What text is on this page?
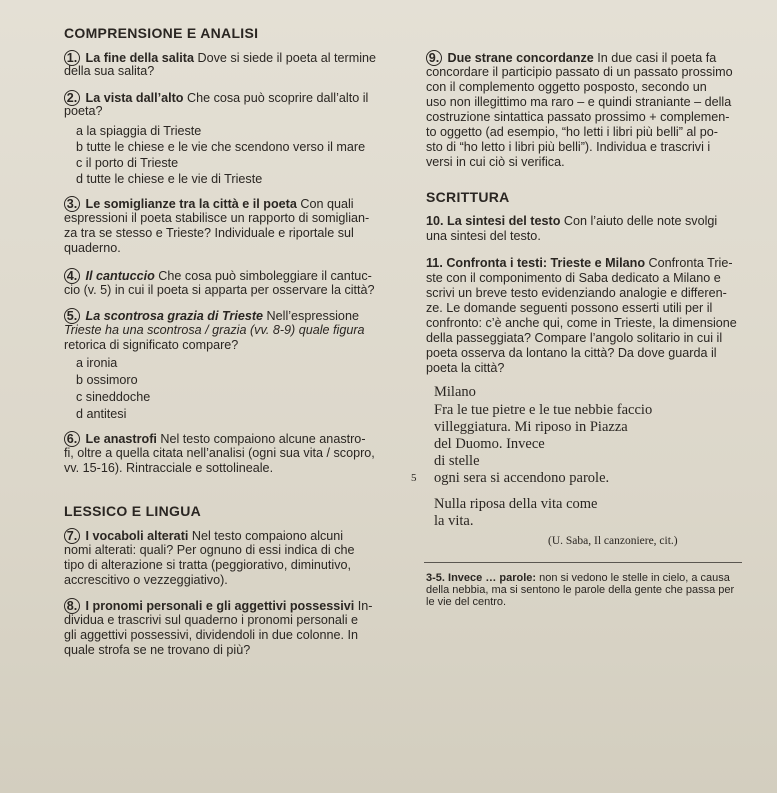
COMPRENSIONE E ANALISI
1. La fine della salita Dove si siede il poeta al termine
della sua salita?
2. La vista dall’alto Che cosa può scoprire dall’alto il
poeta?
a la spiaggia di Trieste
b tutte le chiese e le vie che scendono verso il mare
c il porto di Trieste
d tutte le chiese e le vie di Trieste
3. Le somiglianze tra la città e il poeta Con quali
espressioni il poeta stabilisce un rapporto di somiglian-
za tra se stesso e Trieste? Individuale e riportale sul
quaderno.
4. Il cantuccio Che cosa può simboleggiare il cantuc-
cio (v. 5) in cui il poeta si apparta per osservare la città?
5. La scontrosa grazia di Trieste Nell’espressione
Trieste ha una scontrosa / grazia (vv. 8-9) quale figura
retorica di significato compare?
a ironia
b ossimoro
c sineddoche
d antitesi
6. Le anastrofi Nel testo compaiono alcune anastro-
fi, oltre a quella citata nell’analisi (ogni sua vita / scopro,
vv. 15-16). Rintracciale e sottolineale.
LESSICO E LINGUA
7. I vocaboli alterati Nel testo compaiono alcuni
nomi alterati: quali? Per ognuno di essi indica di che
tipo di alterazione si tratta (peggiorativo, diminutivo,
accrescitivo o vezzeggiativo).
8. I pronomi personali e gli aggettivi possessivi In-
dividua e trascrivi sul quaderno i pronomi personali e
gli aggettivi possessivi, dividendoli in due colonne. In
quale strofa se ne trovano di più?
9. Due strane concordanze In due casi il poeta fa
concordare il participio passato di un passato prossimo
con il complemento oggetto posposto, secondo un
uso non illegittimo ma raro – e quindi straniante – della
costruzione sintattica passato prossimo + complemen-
to oggetto (ad esempio, “ho letti i libri più belli” al po-
sto di “ho letto i libri più belli”). Individua e trascrivi i
versi in cui ciò si verifica.
SCRITTURA
10. La sintesi del testo Con l’aiuto delle note svolgi
una sintesi del testo.
11. Confronta i testi: Trieste e Milano Confronta Trie-
ste con il componimento di Saba dedicato a Milano e
scrivi un breve testo evidenziando analogie e differen-
ze. Le domande seguenti possono esserti utili per il
confronto: c’è anche qui, come in Trieste, la dimensione
della passeggiata? Compare l’angolo solitario in cui il
poeta osserva da lontano la città? Da dove guarda il
poeta la città?
Milano
Fra le tue pietre e le tue nebbie faccio
villeggiatura. Mi riposo in Piazza
del Duomo. Invece
di stelle
5 ogni sera si accendono parole.
Nulla riposa della vita come
la vita.
(U. Saba, Il canzoniere, cit.)
3-5. Invece … parole: non si vedono le stelle in cielo, a causa
della nebbia, ma si sentono le parole della gente che passa per
le vie del centro.
